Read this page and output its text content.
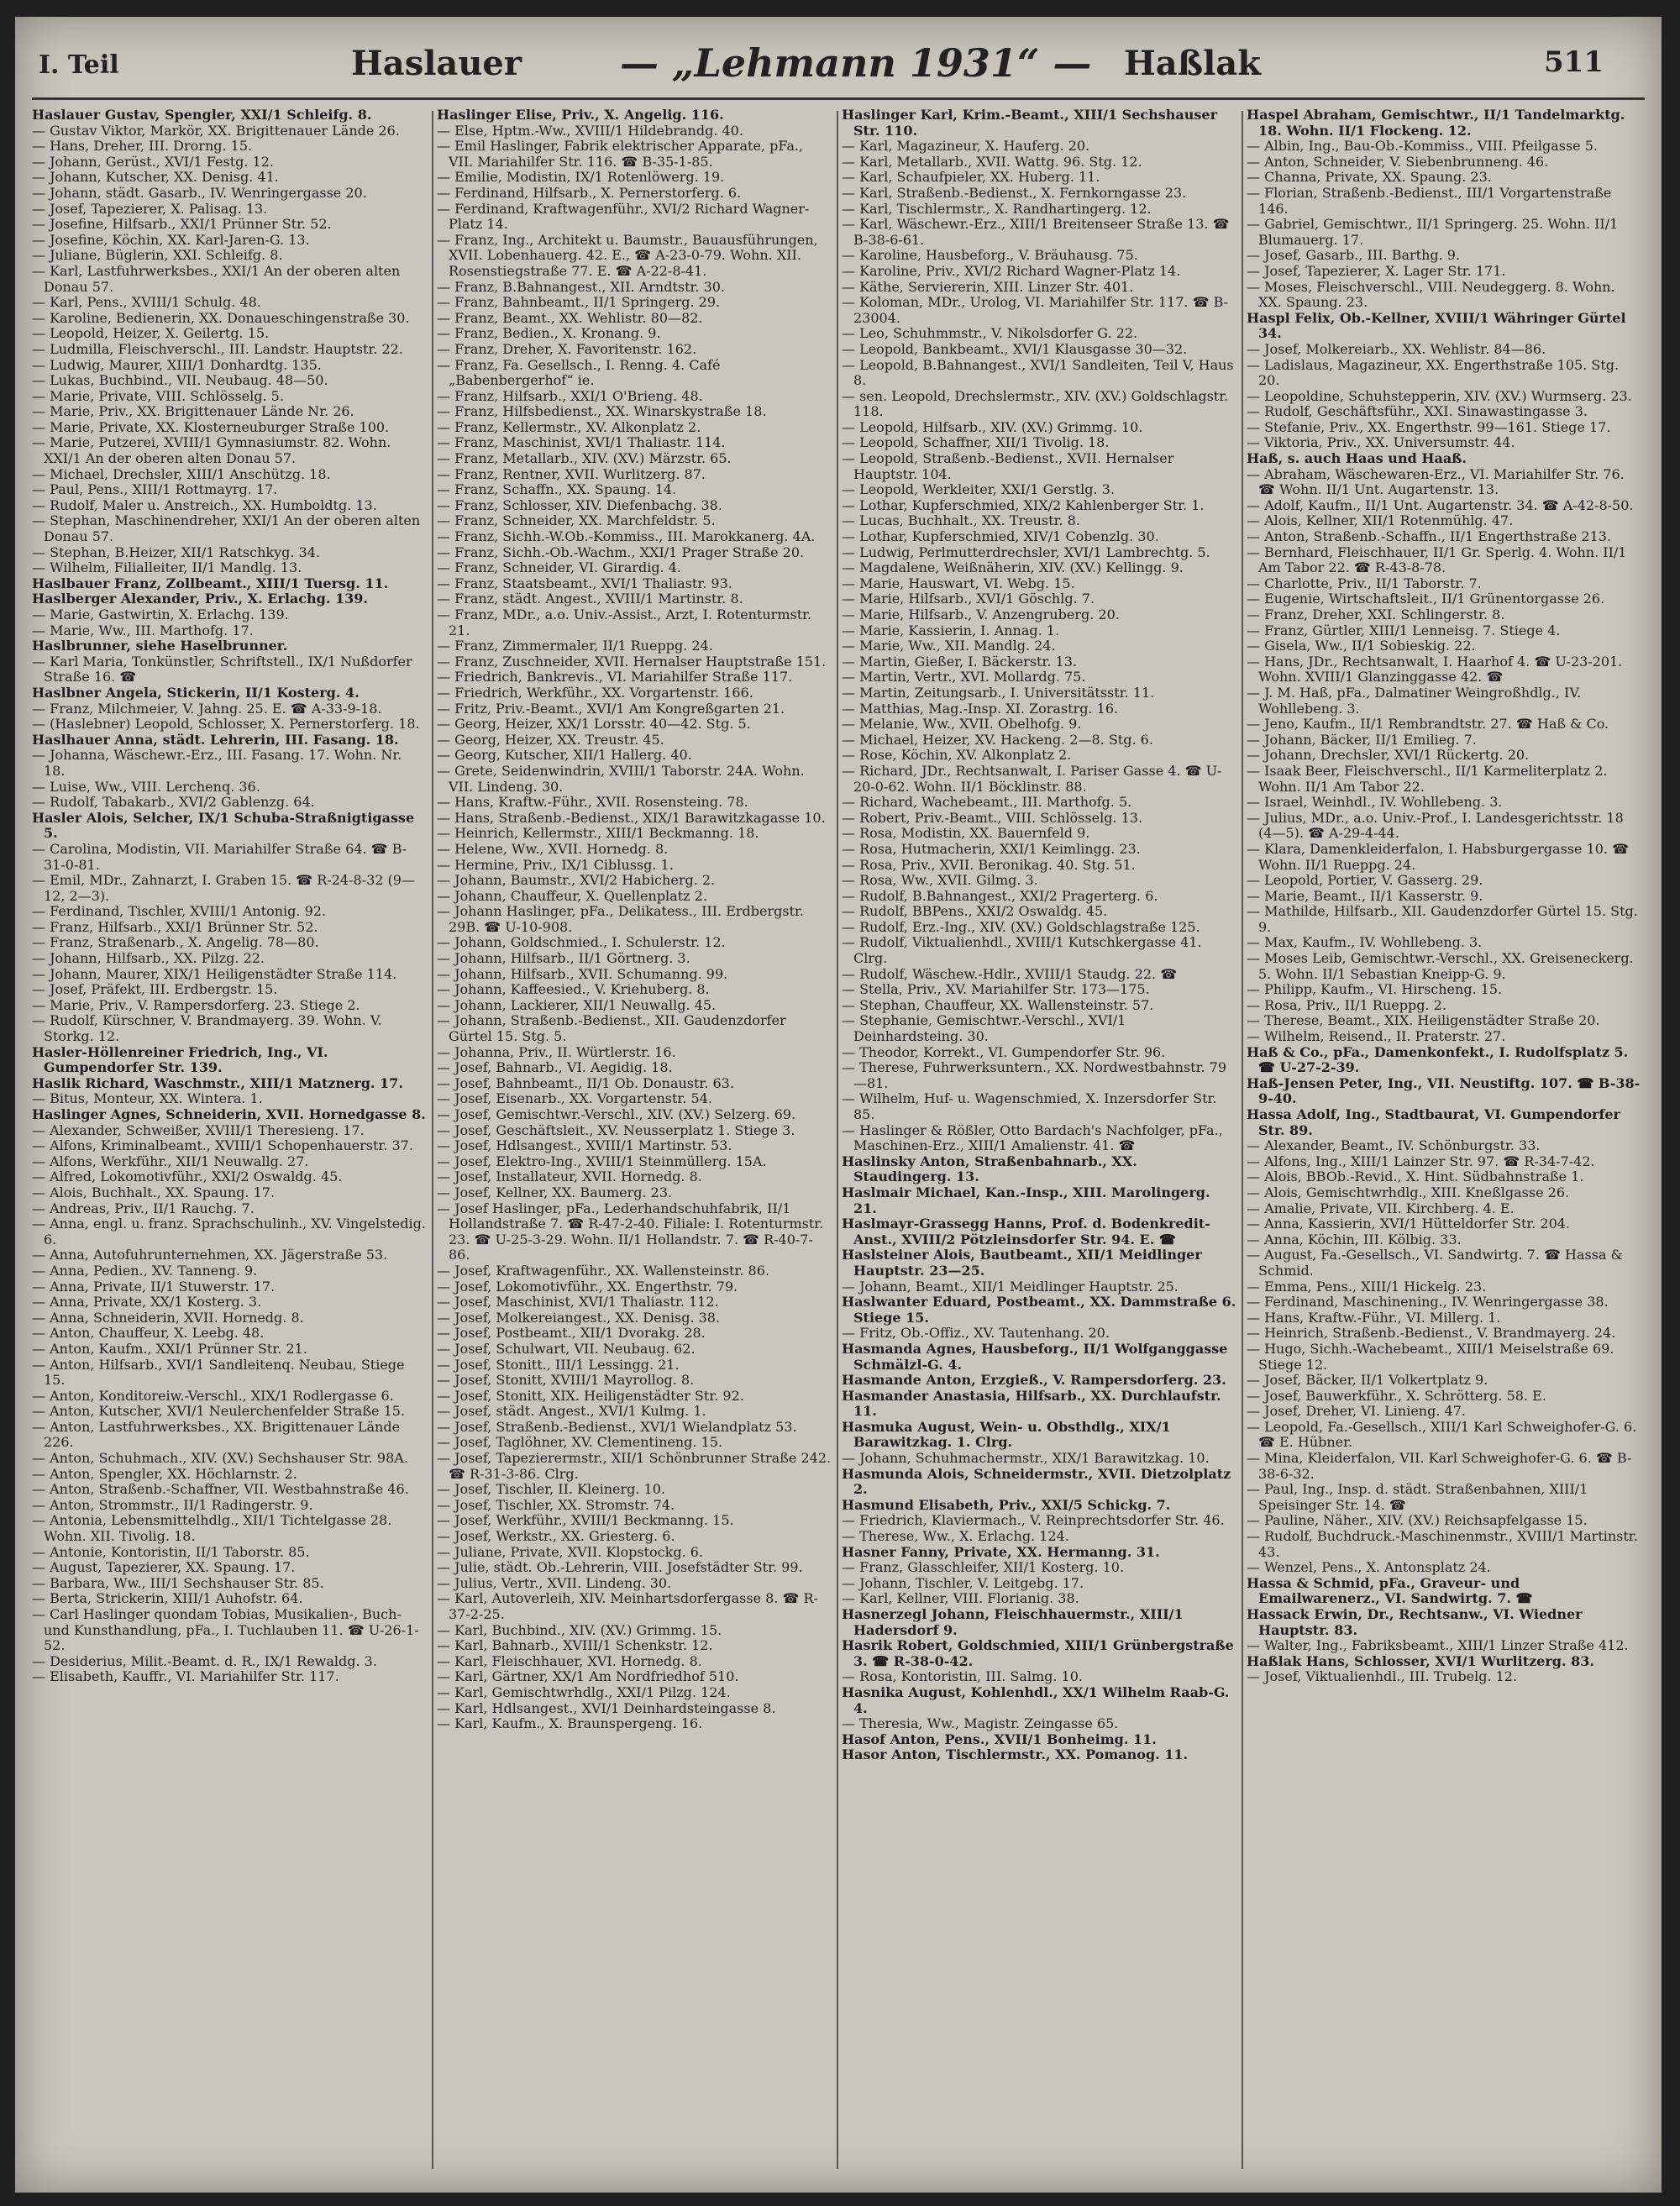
I. Teil	Haslauer	— „Lehmann 1931“ — Haßlak	511
Haslauer Gustav, Spengler, XXI/1 Schleifg. 8.
— Gustav Viktor, Markör, XX. Brigittenauer Lände 26.
— Hans, Dreher, III. Drorng. 15.
— Johann, Gerüst., XVI/1 Festg. 12.
— Johann, Kutscher, XX. Denisg. 41.
— Johann, städt. Gasarb., IV. Wenringergasse 20.
— Josef, Tapezierer, X. Palisag. 13.
— Josefine, Hilfsarb., XXI/1 Prünner Str. 52.
— Josefine, Köchin, XX. Karl-Jaren-G. 13.
— Juliane, Büglerin, XXI. Schleifg. 8.
— Karl, Lastfuhrwerksbes., XXI/1 An der oberen alten Donau 57.
— Karl, Pens., XVIII/1 Schulg. 48.
— Karoline, Bedienerin, XX. Donaueschingenstraße 30.
— Leopold, Heizer, X. Geilertg. 15.
— Ludmilla, Fleischverschl., III. Landstr. Hauptstr. 22.
— Ludwig, Maurer, XIII/1 Donhardtg. 135.
— Lukas, Buchbind., VII. Neubaug. 48—50.
— Marie, Private, VIII. Schlösselg. 5.
— Marie, Priv., XX. Brigittenauer Lände Nr. 26.
— Marie, Private, XX. Klosterneuburger Straße 100.
— Marie, Putzerei, XVIII/1 Gymnasiumstr. 82. Wohn. XXI/1 An der oberen alten Donau 57.
— Michael, Drechsler, XIII/1 Anschützg. 18.
— Paul, Pens., XIII/1 Rottmayrg. 17.
— Rudolf, Maler u. Anstreich., XX. Humboldtg. 13.
— Stephan, Maschinendreher, XXI/1 An der oberen alten Donau 57.
— Stephan, B.Heizer, XII/1 Ratschkyg. 34.
— Wilhelm, Filialleiter, II/1 Mandlg. 13.
Haslbauer Franz, Zollbeamt., XIII/1 Tuersg. 11.
Haslberger Alexander, Priv., X. Erlachg. 139.
— Marie, Gastwirtin, X. Erlachg. 139.
— Marie, Ww., III. Marthofg. 17.
Haslbrunner, siehe Haselbrunner.
— Karl Maria, Tonkünstler, Schriftstell., IX/1 Nußdorfer Straße 16. ☎
Haslbner Angela, Stickerin, II/1 Kosterg. 4.
— Franz, Milchmeier, V. Jahng. 25. E. ☎ A-33-9-18.
— (Haslebner) Leopold, Schlosser, X. Pernerstorferg. 18.
Haslhauer Anna, städt. Lehrerin, III. Fasang. 18.
— Johanna, Wäschewr.-Erz., III. Fasang. 17. Wohn. Nr. 18.
— Luise, Ww., VIII. Lerchenq. 36.
— Rudolf, Tabakarb., XVI/2 Gablenzg. 64.
Hasler Alois, Selcher, IX/1 Schuba-Straßnigtigasse 5.
— Carolina, Modistin, VII. Mariahilfer Straße 64. ☎ B-31-0-81.
— Emil, MDr., Zahnarzt, I. Graben 15. ☎ R-24-8-32 (9—12, 2—3).
— Ferdinand, Tischler, XVIII/1 Antonig. 92.
— Franz, Hilfsarb., XXI/1 Brünner Str. 52.
— Franz, Straßenarb., X. Angelig. 78—80.
— Johann, Hilfsarb., XX. Pilzg. 22.
— Johann, Maurer, XIX/1 Heiligenstädter Straße 114.
— Josef, Präfekt, III. Erdbergstr. 15.
— Marie, Priv., V. Rampersdorferg. 23. Stiege 2.
— Rudolf, Kürschner, V. Brandmayerg. 39. Wohn. V. Storkg. 12.
Hasler-Höllenreiner Friedrich, Ing., VI. Gumpendorfer Str. 139.
Haslik Richard, Waschmstr., XIII/1 Matznerg. 17.
— Bitus, Monteur, XX. Wintera. 1.
Haslinger Agnes, Schneiderin, XVII. Hornedgasse 8.
— Alexander, Schweißer, XVIII/1 Theresieng. 17.
— Alfons, Kriminalbeamt., XVIII/1 Schopenhauerstr. 37.
— Alfons, Werkführ., XII/1 Neuwallg. 27.
— Alfred, Lokomotivführ., XXI/2 Oswaldg. 45.
— Alois, Buchhalt., XX. Spaung. 17.
— Andreas, Priv., II/1 Rauchg. 7.
— Anna, engl. u. franz. Sprachschulinh., XV. Vingelstedig. 6.
— Anna, Autofuhrunternehmen, XX. Jägerstraße 53.
— Anna, Pedien., XV. Tanneng. 9.
— Anna, Private, II/1 Stuwerstr. 17.
— Anna, Private, XX/1 Kosterg. 3.
— Anna, Schneiderin, XVII. Hornedg. 8.
— Anton, Chauffeur, X. Leebg. 48.
— Anton, Kaufm., XXI/1 Prünner Str. 21.
— Anton, Hilfsarb., XVI/1 Sandleitenq. Neubau, Stiege 15.
— Anton, Konditoreiw.-Verschl., XIX/1 Rodlergasse 6.
— Anton, Kutscher, XVI/1 Neulerchenfelder Straße 15.
— Anton, Lastfuhrwerksbes., XX. Brigittenauer Lände 226.
— Anton, Schuhmach., XIV. (XV.) Sechshauser Str. 98A.
— Anton, Spengler, XX. Höchlarnstr. 2.
— Anton, Straßenb.-Schaffner, VII. Westbahnstraße 46.
— Anton, Strommstr., II/1 Radingerstr. 9.
— Antonia, Lebensmittelhdlg., XII/1 Tichtelgasse 28. Wohn. XII. Tivolig. 18.
— Antonie, Kontoristin, II/1 Taborstr. 85.
— August, Tapezierer, XX. Spaung. 17.
— Barbara, Ww., III/1 Sechshauser Str. 85.
— Berta, Strickerin, XIII/1 Auhofstr. 64.
— Carl Haslinger quondam Tobias, Musikalien-, Buch- und Kunsthandlung, pFa., I. Tuchlauben 11. ☎ U-26-1-52.
— Desiderius, Milit.-Beamt. d. R., IX/1 Rewaldg. 3.
— Elisabeth, Kauffr., VI. Mariahilfer Str. 117.
Haslinger Elise, Priv., X. Angelig. 116.
— Else, Hptm.-Ww., XVIII/1 Hildebrandg. 40.
— Emil Haslinger, Fabrik elektrischer Apparate, pFa., VII. Mariahilfer Str. 116. ☎ B-35-1-85.
— Emilie, Modistin, IX/1 Rotenlöwerg. 19.
— Ferdinand, Hilfsarb., X. Pernerstorferg. 6.
— Ferdinand, Kraftwagenführ., XVI/2 Richard Wagner-Platz 14.
— Franz, Ing., Architekt u. Baumstr., Bauausführungen, XVII. Lobenhauerg. 42. E., ☎ A-23-0-79. Wohn. XII. Rosenstiegstraße 77. E. ☎ A-22-8-41.
— Franz, B.Bahnangest., XII. Arndtstr. 30.
— Franz, Bahnbeamt., II/1 Springerg. 29.
— Franz, Beamt., XX. Wehlistr. 80—82.
— Franz, Bedien., X. Kronang. 9.
— Franz, Dreher, X. Favoritenstr. 162.
— Franz, Fa. Gesellsch., I. Renng. 4. Café „Babenbergerhof“ ie.
— Franz, Hilfsarb., XXI/1 O'Brieng. 48.
— Franz, Hilfsbedienst., XX. Winarskystraße 18.
— Franz, Kellermstr., XV. Alkonplatz 2.
— Franz, Maschinist, XVI/1 Thaliastr. 114.
— Franz, Metallarb., XIV. (XV.) Märzstr. 65.
— Franz, Rentner, XVII. Wurlitzerg. 87.
— Franz, Schaffn., XX. Spaung. 14.
— Franz, Schlosser, XIV. Diefenbachg. 38.
— Franz, Schneider, XX. Marchfeldstr. 5.
— Franz, Sichh.-W.Ob.-Kommiss., III. Marokkanerg. 4A.
— Franz, Sichh.-Ob.-Wachm., XXI/1 Prager Straße 20.
— Franz, Schneider, VI. Girardig. 4.
— Franz, Staatsbeamt., XVI/1 Thaliastr. 93.
— Franz, städt. Angest., XVIII/1 Martinstr. 8.
— Franz, MDr., a.o. Univ.-Assist., Arzt, I. Rotenturmstr. 21.
— Franz, Zimmermaler, II/1 Rueppg. 24.
— Franz, Zuschneider, XVII. Hernalser Hauptstraße 151.
— Friedrich, Bankrevis., VI. Mariahilfer Straße 117.
— Friedrich, Werkführ., XX. Vorgartenstr. 166.
— Fritz, Priv.-Beamt., XVI/1 Am Kongreßgarten 21.
— Georg, Heizer, XX/1 Lorsstr. 40—42. Stg. 5.
— Georg, Heizer, XX. Treustr. 45.
— Georg, Kutscher, XII/1 Hallerg. 40.
— Grete, Seidenwindrin, XVIII/1 Taborstr. 24A. Wohn. VII. Lindeng. 30.
— Hans, Kraftw.-Führ., XVII. Rosensteing. 78.
— Hans, Straßenb.-Bedienst., XIX/1 Barawitzkagasse 10.
— Heinrich, Kellermstr., XIII/1 Beckmanng. 18.
— Helene, Ww., XVII. Hornedg. 8.
— Hermine, Priv., IX/1 Ciblussg. 1.
— Johann, Baumstr., XVI/2 Habicherg. 2.
— Johann, Chauffeur, X. Quellenplatz 2.
— Johann Haslinger, pFa., Delikatess., III. Erdbergstr. 29B. ☎ U-10-908.
— Johann, Goldschmied., I. Schulerstr. 12.
— Johann, Hilfsarb., II/1 Görtnerg. 3.
— Johann, Hilfsarb., XVII. Schumanng. 99.
— Johann, Kaffeesied., V. Kriehuberg. 8.
— Johann, Lackierer, XII/1 Neuwallg. 45.
— Johann, Straßenb.-Bedienst., XII. Gaudenzdorfer Gürtel 15. Stg. 5.
— Johanna, Priv., II. Würtlerstr. 16.
— Josef, Bahnarb., VI. Aegidig. 18.
— Josef, Bahnbeamt., II/1 Ob. Donaustr. 63.
— Josef, Eisenarb., XX. Vorgartenstr. 54.
— Josef, Gemischtwr.-Verschl., XIV. (XV.) Selzerg. 69.
— Josef, Geschäftsleit., XV. Neusserplatz 1. Stiege 3.
— Josef, Hdlsangest., XVIII/1 Martinstr. 53.
— Josef, Elektro-Ing., XVIII/1 Steinmüllerg. 15A.
— Josef, Installateur, XVII. Hornedg. 8.
— Josef, Kellner, XX. Baumerg. 23.
— Josef Haslinger, pFa., Lederhandschuhfabrik, II/1 Hollandstraße 7. ☎ R-47-2-40. Filiale: I. Rotenturmstr. 23. ☎ U-25-3-29. Wohn. II/1 Hollandstr. 7. ☎ R-40-7-86.
— Josef, Kraftwagenführ., XX. Wallensteinstr. 86.
— Josef, Lokomotivführ., XX. Engerthstr. 79.
— Josef, Maschinist, XVI/1 Thaliastr. 112.
— Josef, Molkereiangest., XX. Denisg. 38.
— Josef, Postbeamt., XII/1 Dvorakg. 28.
— Josef, Schulwart, VII. Neubaug. 62.
— Josef, Stonitt., III/1 Lessingg. 21.
— Josef, Stonitt, XVIII/1 Mayrollog. 8.
— Josef, Stonitt, XIX. Heiligenstädter Str. 92.
— Josef, städt. Angest., XVI/1 Kulmg. 1.
— Josef, Straßenb.-Bedienst., XVI/1 Wielandplatz 53.
— Josef, Taglöhner, XV. Clementineng. 15.
— Josef, Tapezierermstr., XII/1 Schönbrunner Straße 242. ☎ R-31-3-86. Clrg.
— Josef, Tischler, II. Kleinerg. 10.
— Josef, Tischler, XX. Stromstr. 74.
— Josef, Werkführ., XVIII/1 Beckmanng. 15.
— Josef, Werkstr., XX. Griesterg. 6.
— Juliane, Private, XVII. Klopstockg. 6.
— Julie, städt. Ob.-Lehrerin, VIII. Josefstädter Str. 99.
— Julius, Vertr., XVII. Lindeng. 30.
— Karl, Autoverleih, XIV. Meinhartsdorfergasse 8. ☎ R-37-2-25.
— Karl, Buchbind., XIV. (XV.) Grimmg. 15.
— Karl, Bahnarb., XVIII/1 Schenkstr. 12.
— Karl, Fleischhauer, XVI. Hornedg. 8.
— Karl, Gärtner, XX/1 Am Nordfriedhof 510.
— Karl, Gemischtwrhdlg., XXI/1 Pilzg. 124.
— Karl, Hdlsangest., XVI/1 Deinhardsteingasse 8.
— Karl, Kaufm., X. Braunspergeng. 16.
Haslinger Karl, Krim.-Beamt., XIII/1 Sechshauser Str. 110.
— Karl, Magazineur, X. Hauferg. 20.
— Karl, Metallarb., XVII. Wattg. 96. Stg. 12.
— Karl, Schaufpieler, XX. Huberg. 11.
— Karl, Straßenb.-Bedienst., X. Fernkorngasse 23.
— Karl, Tischlermstr., X. Randhartingerg. 12.
— Karl, Wäschewr.-Erz., XIII/1 Breitenseer Straße 13. ☎ B-38-6-61.
— Karoline, Hausbeforg., V. Bräuhausg. 75.
— Karoline, Priv., XVI/2 Richard Wagner-Platz 14.
— Käthe, Serviererin, XIII. Linzer Str. 401.
— Koloman, MDr., Urolog, VI. Mariahilfer Str. 117. ☎ B-23004.
— Leo, Schuhmmstr., V. Nikolsdorfer G. 22.
— Leopold, Bankbeamt., XVI/1 Klausgasse 30—32.
— Leopold, B.Bahnangest., XVI/1 Sandleiten, Teil V, Haus 8.
— sen. Leopold, Drechslermstr., XIV. (XV.) Goldschlagstr. 118.
— Leopold, Hilfsarb., XIV. (XV.) Grimmg. 10.
— Leopold, Schaffner, XII/1 Tivolig. 18.
— Leopold, Straßenb.-Bedienst., XVII. Hernalser Hauptstr. 104.
— Leopold, Werkleiter, XXI/1 Gerstlg. 3.
— Lothar, Kupferschmied, XIX/2 Kahlenberger Str. 1.
— Lucas, Buchhalt., XX. Treustr. 8.
— Lothar, Kupferschmied, XIV/1 Cobenzlg. 30.
— Ludwig, Perlmutterdrechsler, XVI/1 Lambrechtg. 5.
— Magdalene, Weißnäherin, XIV. (XV.) Kellingg. 9.
— Marie, Hauswart, VI. Webg. 15.
— Marie, Hilfsarb., XVI/1 Göschlg. 7.
— Marie, Hilfsarb., V. Anzengruberg. 20.
— Marie, Kassierin, I. Annag. 1.
— Marie, Ww., XII. Mandlg. 24.
— Martin, Gießer, I. Bäckerstr. 13.
— Martin, Vertr., XVI. Mollardg. 75.
— Martin, Zeitungsarb., I. Universitätsstr. 11.
— Matthias, Mag.-Insp. XI. Zorastrg. 16.
— Melanie, Ww., XVII. Obelhofg. 9.
— Michael, Heizer, XV. Hackeng. 2—8. Stg. 6.
— Rose, Köchin, XV. Alkonplatz 2.
— Richard, JDr., Rechtsanwalt, I. Pariser Gasse 4. ☎ U-20-0-62. Wohn. II/1 Böcklinstr. 88.
— Richard, Wachebeamt., III. Marthofg. 5.
— Robert, Priv.-Beamt., VIII. Schlösselg. 13.
— Rosa, Modistin, XX. Bauernfeld 9.
— Rosa, Hutmacherin, XXI/1 Keimlingg. 23.
— Rosa, Priv., XVII. Beronikag. 40. Stg. 51.
— Rosa, Ww., XVII. Gilmg. 3.
— Rudolf, B.Bahnangest., XXI/2 Pragerterg. 6.
— Rudolf, BBPens., XXI/2 Oswaldg. 45.
— Rudolf, Erz.-Ing., XIV. (XV.) Goldschlagstraße 125.
— Rudolf, Viktualienhdl., XVIII/1 Kutschkergasse 41. Clrg.
— Rudolf, Wäschew.-Hdlr., XVIII/1 Staudg. 22. ☎
— Stella, Priv., XV. Mariahilfer Str. 173—175.
— Stephan, Chauffeur, XX. Wallensteinstr. 57.
— Stephanie, Gemischtwr.-Verschl., XVI/1 Deinhardsteing. 30.
— Theodor, Korrekt., VI. Gumpendorfer Str. 96.
— Therese, Fuhrwerksuntern., XX. Nordwestbahnstr. 79—81.
— Wilhelm, Huf- u. Wagenschmied, X. Inzersdorfer Str. 85.
— Haslinger & Rößler, Otto Bardach's Nachfolger, pFa., Maschinen-Erz., XIII/1 Amalienstr. 41. ☎
Haslinsky Anton, Straßenbahnarb., XX. Staudingerg. 13.
Haslmair Michael, Kan.-Insp., XIII. Marolingerg. 21.
Haslmayr-Grassegg Hanns, Prof. d. Bodenkredit-Anst., XVIII/2 Pötzleinsdorfer Str. 94. E. ☎
Haslsteiner Alois, Bautbeamt., XII/1 Meidlinger Hauptstr. 23—25.
— Johann, Beamt., XII/1 Meidlinger Hauptstr. 25.
Haslwanter Eduard, Postbeamt., XX. Dammstraße 6. Stiege 15.
— Fritz, Ob.-Offiz., XV. Tautenhang. 20.
Hasmanda Agnes, Hausbeforg., II/1 Wolfganggasse Schmälzl-G. 4.
Hasmande Anton, Erzgieß., V. Rampersdorferg. 23.
Hasmander Anastasia, Hilfsarb., XX. Durchlaufstr. 11.
Hasmuka August, Wein- u. Obsthdlg., XIX/1 Barawitzkag. 1. Clrg.
— Johann, Schuhmachermstr., XIX/1 Barawitzkag. 10.
Hasmunda Alois, Schneidermstr., XVII. Dietzolplatz 2.
Hasmund Elisabeth, Priv., XXI/5 Schickg. 7.
— Friedrich, Klaviermach., V. Reinprechtsdorfer Str. 46.
— Therese, Ww., X. Erlachg. 124.
Hasner Fanny, Private, XX. Hermanng. 31.
— Franz, Glasschleifer, XII/1 Kosterg. 10.
— Johann, Tischler, V. Leitgebg. 17.
— Karl, Kellner, VIII. Florianig. 38.
Hasnerzegl Johann, Fleischhauermstr., XIII/1 Hadersdorf 9.
Hasrik Robert, Goldschmied, XIII/1 Grünbergstraße 3. ☎ R-38-0-42.
— Rosa, Kontoristin, III. Salmg. 10.
Hasnika August, Kohlenhdl., XX/1 Wilhelm Raab-G. 4.
— Theresia, Ww., Magistr. Zeingasse 65.
Hasof Anton, Pens., XVII/1 Bonheimg. 11.
Hasor Anton, Tischlermstr., XX. Pomanog. 11.
Haspel Abraham, Gemischtwr., II/1 Tandelmarktg. 18. Wohn. II/1 Flockeng. 12.
— Albin, Ing., Bau-Ob.-Kommiss., VIII. Pfeilgasse 5.
— Anton, Schneider, V. Siebenbrunneng. 46.
— Channa, Private, XX. Spaung. 23.
— Florian, Straßenb.-Bedienst., III/1 Vorgartenstraße 146.
— Gabriel, Gemischtwr., II/1 Springerg. 25. Wohn. II/1 Blumauerg. 17.
— Josef, Gasarb., III. Barthg. 9.
— Josef, Tapezierer, X. Lager Str. 171.
— Moses, Fleischverschl., VIII. Neudeggerg. 8. Wohn. XX. Spaung. 23.
Haspl Felix, Ob.-Kellner, XVIII/1 Währinger Gürtel 34.
— Josef, Molkereiarb., XX. Wehlistr. 84—86.
— Ladislaus, Magazineur, XX. Engerthstraße 105. Stg. 20.
— Leopoldine, Schuhstepperin, XIV. (XV.) Wurmserg. 23.
— Rudolf, Geschäftsführ., XXI. Sinawastingasse 3.
— Stefanie, Priv., XX. Engerthstr. 99—161. Stiege 17.
— Viktoria, Priv., XX. Universumstr. 44.
Haß, s. auch Haas und Haaß.
— Abraham, Wäschewaren-Erz., VI. Mariahilfer Str. 76. ☎ Wohn. II/1 Unt. Augartenstr. 13.
— Adolf, Kaufm., II/1 Unt. Augartenstr. 34. ☎ A-42-8-50.
— Alois, Kellner, XII/1 Rotenmühlg. 47.
— Anton, Straßenb.-Schaffn., II/1 Engerthstraße 213.
— Bernhard, Fleischhauer, II/1 Gr. Sperlg. 4. Wohn. II/1 Am Tabor 22. ☎ R-43-8-78.
— Charlotte, Priv., II/1 Taborstr. 7.
— Eugenie, Wirtschaftsleit., II/1 Grünentorgasse 26.
— Franz, Dreher, XXI. Schlingerstr. 8.
— Franz, Gürtler, XIII/1 Lenneisg. 7. Stiege 4.
— Gisela, Ww., II/1 Sobieskig. 22.
— Hans, JDr., Rechtsanwalt, I. Haarhof 4. ☎ U-23-201. Wohn. XVIII/1 Glanzinggasse 42. ☎
— J. M. Haß, pFa., Dalmatiner Weingroßhdlg., IV. Wohllebeng. 3.
— Jeno, Kaufm., II/1 Rembrandtstr. 27. ☎ Haß & Co.
— Johann, Bäcker, II/1 Emilieg. 7.
— Johann, Drechsler, XVI/1 Rückertg. 20.
— Isaak Beer, Fleischverschl., II/1 Karmeliterplatz 2. Wohn. II/1 Am Tabor 22.
— Israel, Weinhdl., IV. Wohllebeng. 3.
— Julius, MDr., a.o. Univ.-Prof., I. Landesgerichtsstr. 18 (4—5). ☎ A-29-4-44.
— Klara, Damenkleiderfalon, I. Habsburgergasse 10. ☎ Wohn. II/1 Rueppg. 24.
— Leopold, Portier, V. Gasserg. 29.
— Marie, Beamt., II/1 Kasserstr. 9.
— Mathilde, Hilfsarb., XII. Gaudenzdorfer Gürtel 15. Stg. 9.
— Max, Kaufm., IV. Wohllebeng. 3.
— Moses Leib, Gemischtwr.-Verschl., XX. Greiseneckerg. 5. Wohn. II/1 Sebastian Kneipp-G. 9.
— Philipp, Kaufm., VI. Hirscheng. 15.
— Rosa, Priv., II/1 Rueppg. 2.
— Therese, Beamt., XIX. Heiligenstädter Straße 20.
— Wilhelm, Reisend., II. Praterstr. 27.
Haß & Co., pFa., Damenkonfekt., I. Rudolfsplatz 5. ☎ U-27-2-39.
Haß-Jensen Peter, Ing., VII. Neustiftg. 107. ☎ B-38-9-40.
Hassa Adolf, Ing., Stadtbaurat, VI. Gumpendorfer Str. 89.
— Alexander, Beamt., IV. Schönburgstr. 33.
— Alfons, Ing., XIII/1 Lainzer Str. 97. ☎ R-34-7-42.
— Alois, BBOb.-Revid., X. Hint. Südbahnstraße 1.
— Alois, Gemischtwrhdlg., XIII. Kneßlgasse 26.
— Amalie, Private, VII. Kirchberg. 4. E.
— Anna, Kassierin, XVI/1 Hütteldorfer Str. 204.
— Anna, Köchin, III. Kölbig. 33.
— August, Fa.-Gesellsch., VI. Sandwirtg. 7. ☎ Hassa & Schmid.
— Emma, Pens., XIII/1 Hickelg. 23.
— Ferdinand, Maschinening., IV. Wenringergasse 38.
— Hans, Kraftw.-Führ., VI. Millerg. 1.
— Heinrich, Straßenb.-Bedienst., V. Brandmayerg. 24.
— Hugo, Sichh.-Wachebeamt., XIII/1 Meiselstraße 69. Stiege 12.
— Josef, Bäcker, II/1 Volkertplatz 9.
— Josef, Bauwerkführ., X. Schrötterg. 58. E.
— Josef, Dreher, VI. Linieng. 47.
— Leopold, Fa.-Gesellsch., XIII/1 Karl Schweighofer-G. 6. ☎ E. Hübner.
— Mina, Kleiderfalon, VII. Karl Schweighofer-G. 6. ☎ B-38-6-32.
— Paul, Ing., Insp. d. städt. Straßenbahnen, XIII/1 Speisinger Str. 14. ☎
— Pauline, Näher., XIV. (XV.) Reichsapfelgasse 15.
— Rudolf, Buchdruck.-Maschinenmstr., XVIII/1 Martinstr. 43.
— Wenzel, Pens., X. Antonsplatz 24.
Hassa & Schmid, pFa., Graveur- und Emailwarenerz., VI. Sandwirtg. 7. ☎
Hassack Erwin, Dr., Rechtsanw., VI. Wiedner Hauptstr. 83.
— Walter, Ing., Fabriksbeamt., XIII/1 Linzer Straße 412.
Haßlak Hans, Schlosser, XVI/1 Wurlitzerg. 83.
— Josef, Viktualienhdl., III. Trubelg. 12.
